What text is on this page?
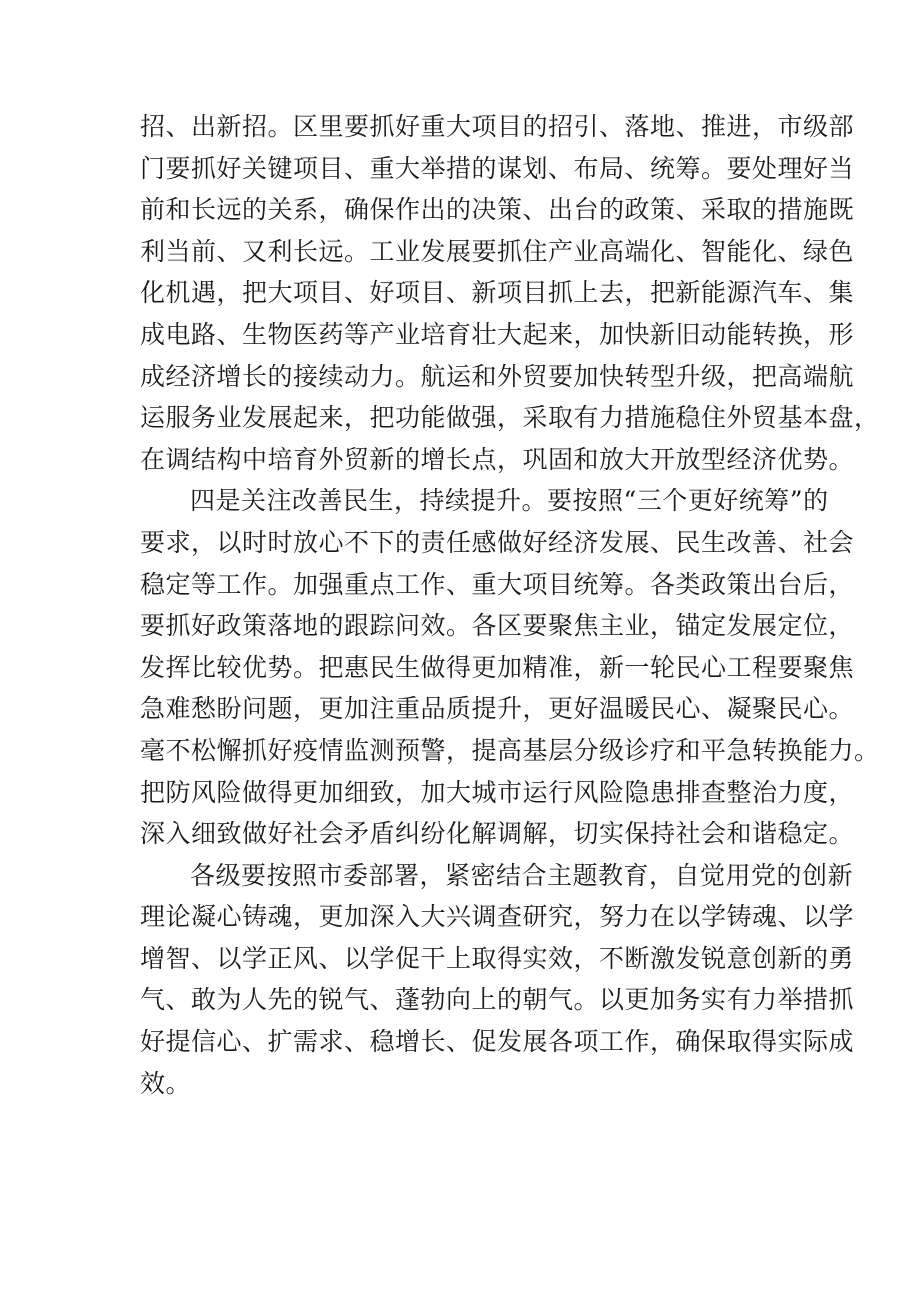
招、出新招。区里要抓好重大项目的招引、落地、推进，市级部
门要抓好关键项目、重大举措的谋划、布局、统筹。要处理好当
前和长远的关系，确保作出的决策、出台的政策、采取的措施既
利当前、又利长远。工业发展要抓住产业高端化、智能化、绿色
化机遇，把大项目、好项目、新项目抓上去，把新能源汽车、集
成电路、生物医药等产业培育壮大起来，加快新旧动能转换，形
成经济增长的接续动力。航运和外贸要加快转型升级，把高端航
运服务业发展起来，把功能做强，采取有力措施稳住外贸基本盘，
在调结构中培育外贸新的增长点，巩固和放大开放型经济优势。
四是关注改善民生，持续提升。要按照“三个更好统筹”的
要求，以时时放心不下的责任感做好经济发展、民生改善、社会
稳定等工作。加强重点工作、重大项目统筹。各类政策出台后，
要抓好政策落地的跟踪问效。各区要聚焦主业，锚定发展定位，
发挥比较优势。把惠民生做得更加精准，新一轮民心工程要聚焦
急难愁盼问题，更加注重品质提升，更好温暖民心、凝聚民心。
毫不松懈抓好疫情监测预警，提高基层分级诊疗和平急转换能力。
把防风险做得更加细致，加大城市运行风险隐患排查整治力度，
深入细致做好社会矛盾纠纷化解调解，切实保持社会和谐稳定。
各级要按照市委部署，紧密结合主题教育，自觉用党的创新
理论凝心铸魂，更加深入大兴调查研究，努力在以学铸魂、以学
增智、以学正风、以学促干上取得实效，不断激发锐意创新的勇
气、敢为人先的锐气、蓬勃向上的朝气。以更加务实有力举措抓
好提信心、扩需求、稳增长、促发展各项工作，确保取得实际成
效。
